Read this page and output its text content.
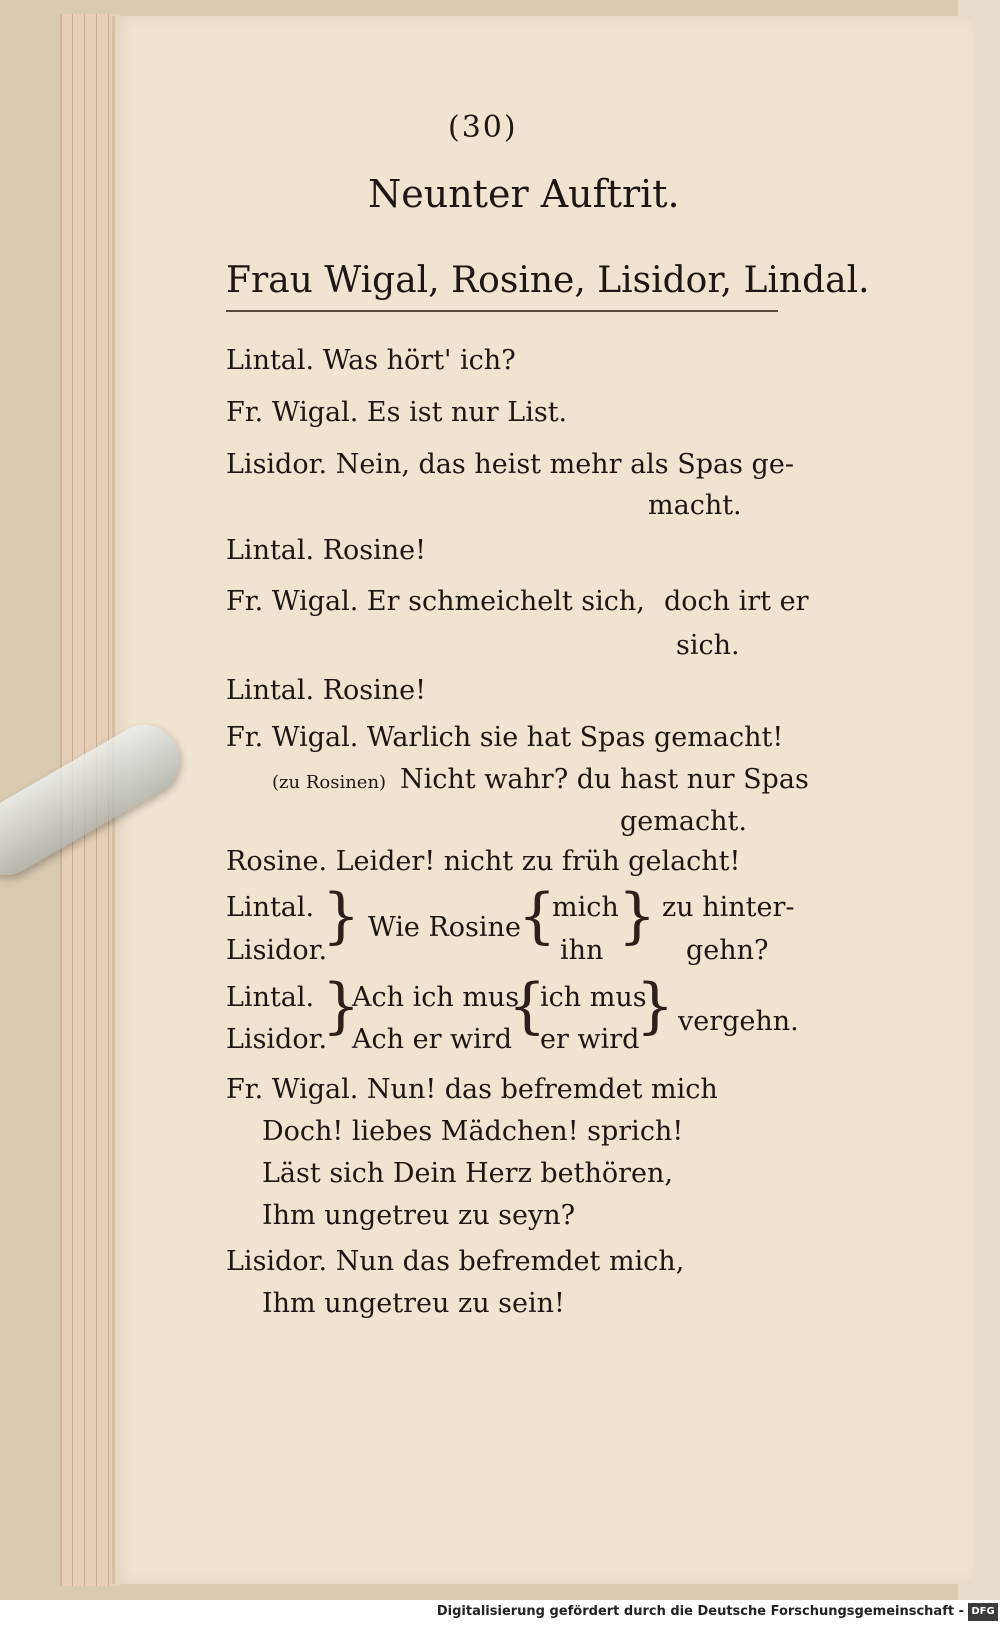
(30)
Neunter Auftrit.
Frau Wigal, Rosine, Lisidor, Lindal.
Lintal. Was hört' ich?
Fr. Wigal. Es ist nur List.
Lisidor. Nein, das heist mehr als Spas ge-
macht.
Lintal. Rosine!
Fr. Wigal. Er schmeichelt sich, doch irt er
sich.
Lintal. Rosine!
Fr. Wigal. Warlich sie hat Spas gemacht!
(zu Rosinen) Nicht wahr? du hast nur Spas
gemacht.
Rosine. Leider! nicht zu früh gelacht!
Lintal.
Lisidor.
} Wie Rosine
{
mich
ihn } zu hinter-
gehn?
Lintal.
Lisidor.
}
Ach ich mus
Ach er wird
{
ich mus
er wird
} vergehn.
Fr. Wigal. Nun! das befremdet mich
Doch! liebes Mädchen! sprich!
Läst sich Dein Herz bethören,
Ihm ungetreu zu seyn?
Lisidor. Nun das befremdet mich,
Ihm ungetreu zu sein!
Digitalisierung gefördert durch die Deutsche Forschungsgemeinschaft - DFG
